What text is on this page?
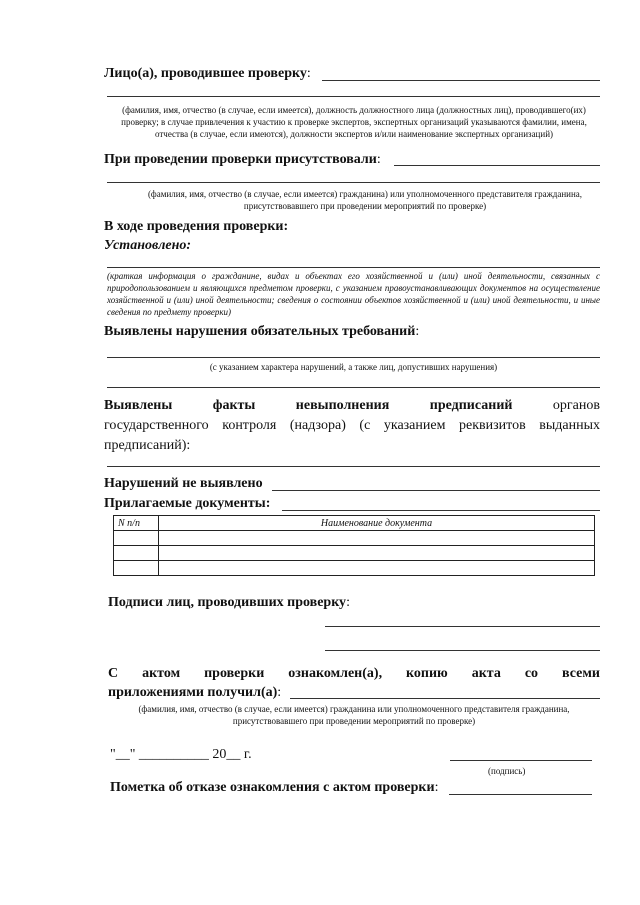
Лицо(а), проводившее проверку:
(фамилия, имя, отчество (в случае, если имеется), должность должностного лица (должностных лиц), проводившего(их) проверку; в случае привлечения к участию к проверке экспертов, экспертных организаций указываются фамилии, имена, отчества (в случае, если имеются), должности экспертов и/или наименование экспертных организаций)
При проведении проверки присутствовали:
(фамилия, имя, отчество (в случае, если имеется) гражданина) или уполномоченного представителя гражданина, присутствовавшего при проведении мероприятий по проверке)
В ходе проведения проверки:
Установлено:
(краткая информация о гражданине, видах и объектах его хозяйственной и (или) иной деятельности, связанных с природопользованием и являющихся предметом проверки, с указанием правоустанавливающих документов на осуществление хозяйственной и (или) иной деятельности; сведения о состоянии объектов хозяйственной и (или) иной деятельности, и иные сведения по предмету проверки)
Выявлены нарушения обязательных требований:
(с указанием характера нарушений, а также лиц, допустивших нарушения)
Выявлены	факты	невыполнения	предписаний	органов
государственного контроля (надзора) (с указанием реквизитов выданных предписаний):
Нарушений не выявлено
Прилагаемые документы:
N п/п	Наименование документа

Подписи лиц, проводивших проверку:
С актом проверки ознакомлен(а), копию акта со всеми
приложениями получил(а):
(фамилия, имя, отчество (в случае, если имеется) гражданина или уполномоченного представителя гражданина, присутствовавшего при проведении мероприятий по проверке)
"__" __________ 20__ г.
(подпись)
Пометка об отказе ознакомления с актом проверки:
